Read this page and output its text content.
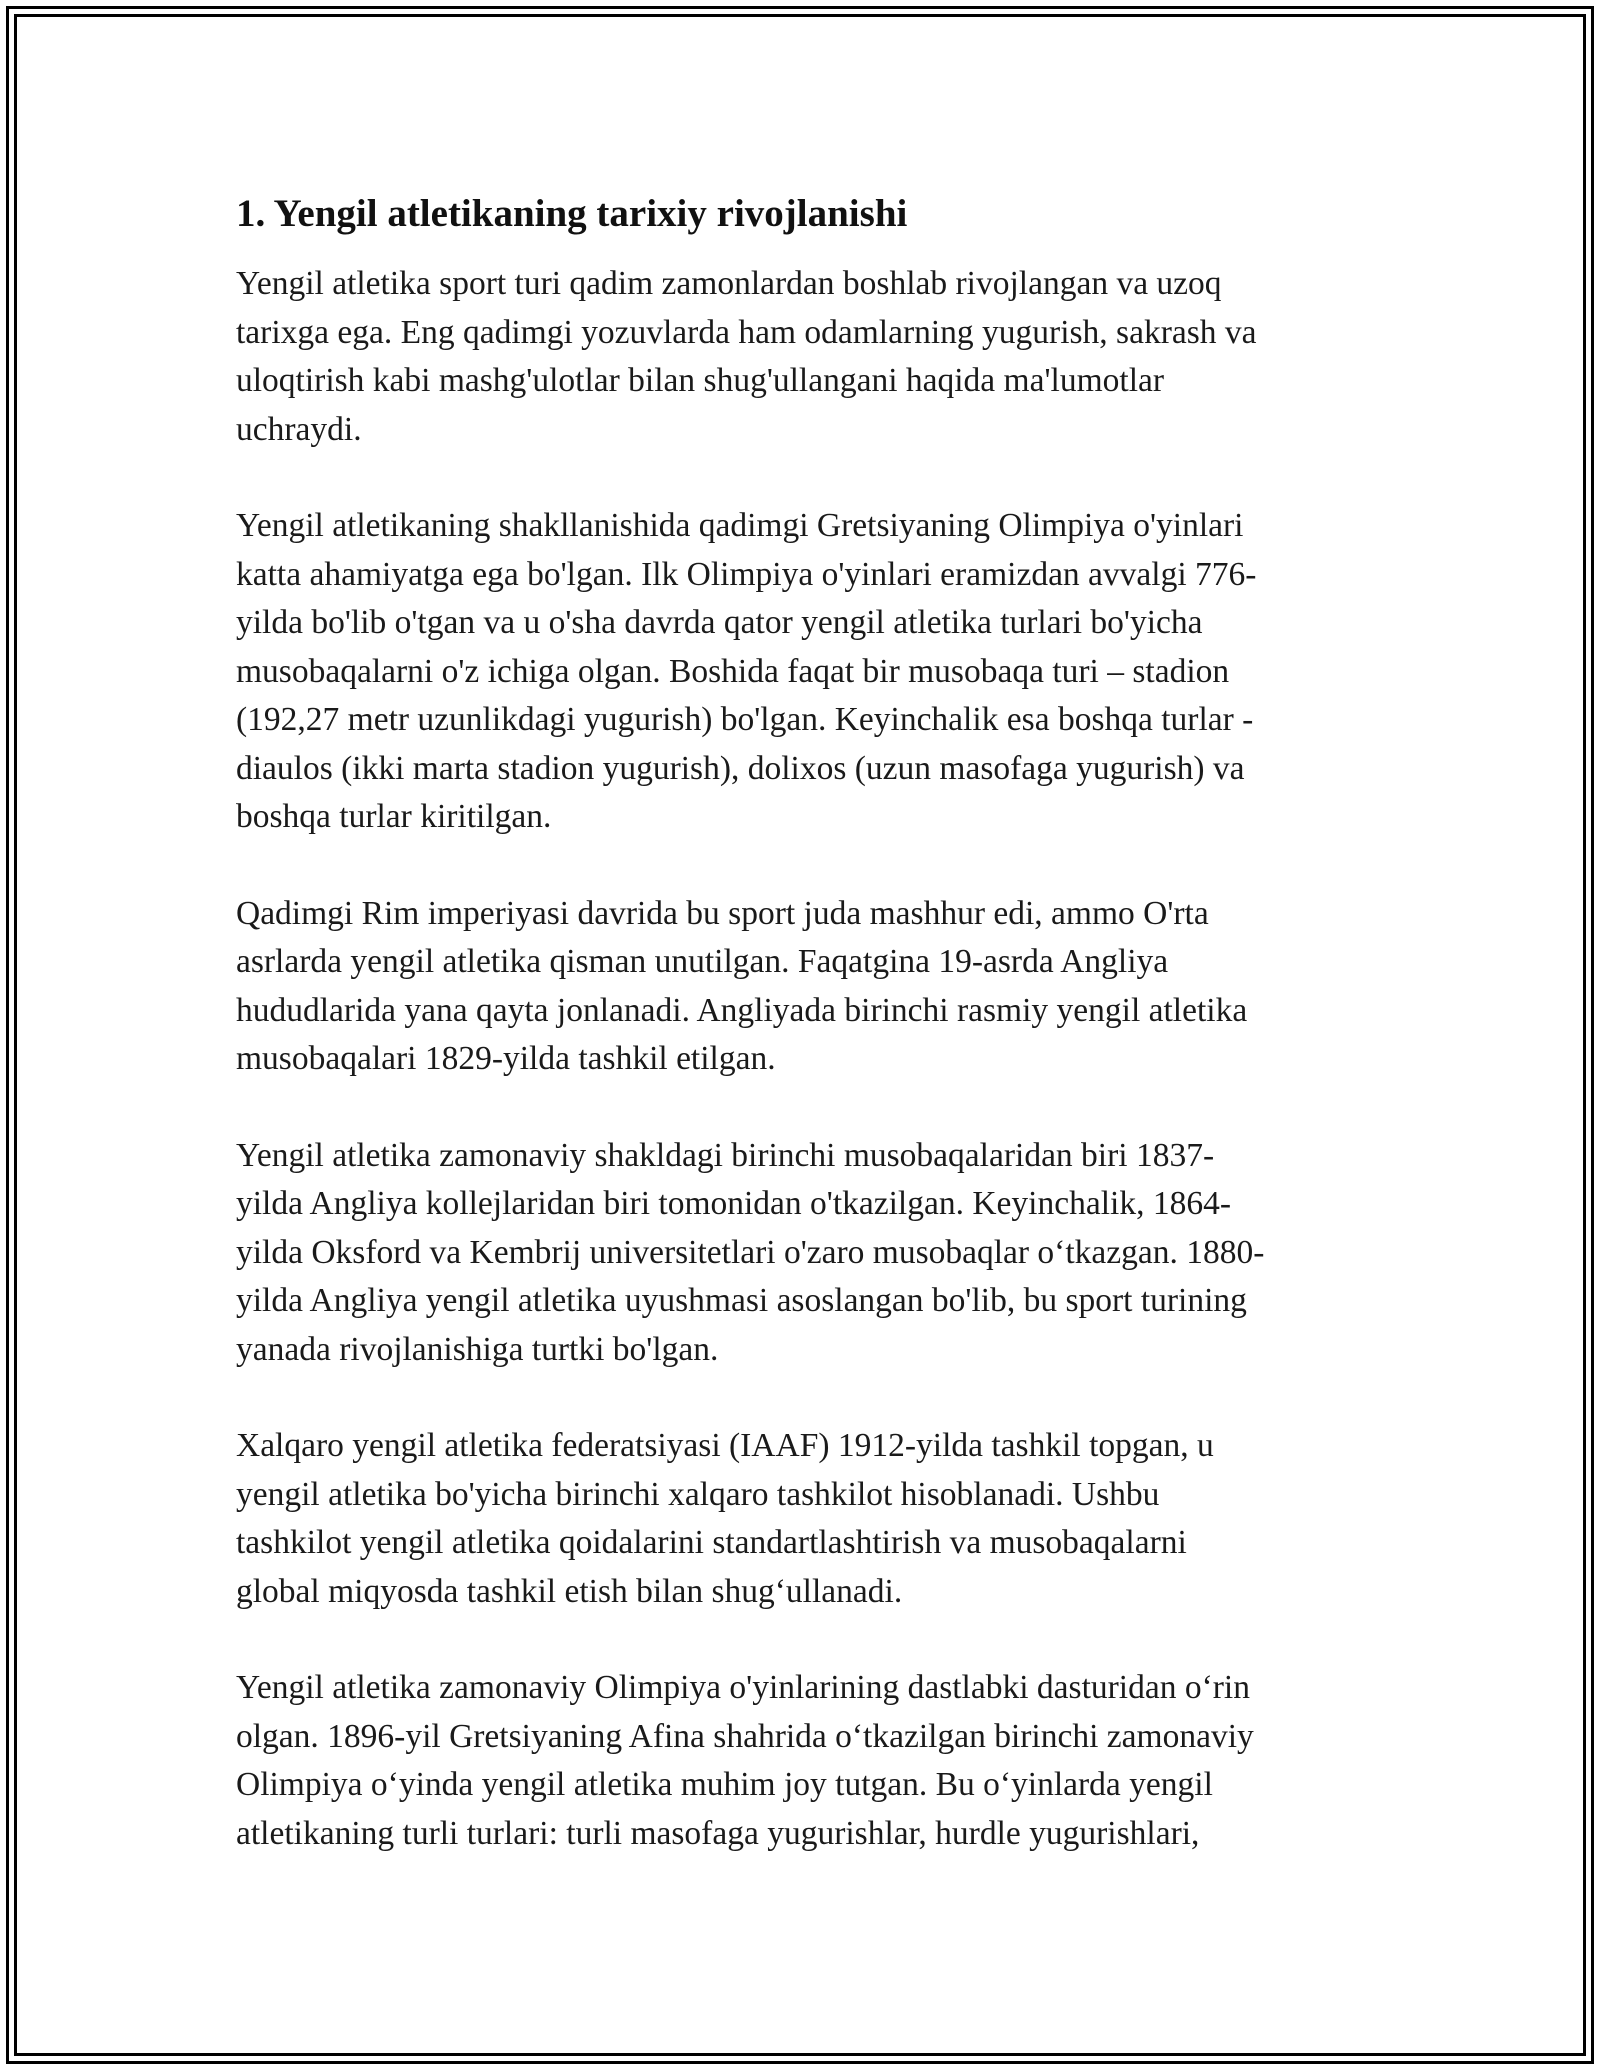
1. Yengil atletikaning tarixiy rivojlanishi

Yengil atletika sport turi qadim zamonlardan boshlab rivojlangan va uzoq
tarixga ega. Eng qadimgi yozuvlarda ham odamlarning yugurish, sakrash va
uloqtirish kabi mashg'ulotlar bilan shug'ullangani haqida ma'lumotlar
uchraydi.

Yengil atletikaning shakllanishida qadimgi Gretsiyaning Olimpiya o'yinlari
katta ahamiyatga ega bo'lgan. Ilk Olimpiya o'yinlari eramizdan avvalgi 776-
yilda bo'lib o'tgan va u o'sha davrda qator yengil atletika turlari bo'yicha
musobaqalarni o'z ichiga olgan. Boshida faqat bir musobaqa turi – stadion
(192,27 metr uzunlikdagi yugurish) bo'lgan. Keyinchalik esa boshqa turlar -
diaulos (ikki marta stadion yugurish), dolixos (uzun masofaga yugurish) va
boshqa turlar kiritilgan.

Qadimgi Rim imperiyasi davrida bu sport juda mashhur edi, ammo O'rta
asrlarda yengil atletika qisman unutilgan. Faqatgina 19-asrda Angliya
hududlarida yana qayta jonlanadi. Angliyada birinchi rasmiy yengil atletika
musobaqalari 1829-yilda tashkil etilgan.

Yengil atletika zamonaviy shakldagi birinchi musobaqalaridan biri 1837-
yilda Angliya kollejlaridan biri tomonidan o'tkazilgan. Keyinchalik, 1864-
yilda Oksford va Kembrij universitetlari o'zaro musobaqlar o‘tkazgan. 1880-
yilda Angliya yengil atletika uyushmasi asoslangan bo'lib, bu sport turining
yanada rivojlanishiga turtki bo'lgan.

Xalqaro yengil atletika federatsiyasi (IAAF) 1912-yilda tashkil topgan, u
yengil atletika bo'yicha birinchi xalqaro tashkilot hisoblanadi. Ushbu
tashkilot yengil atletika qoidalarini standartlashtirish va musobaqalarni
global miqyosda tashkil etish bilan shug‘ullanadi.

Yengil atletika zamonaviy Olimpiya o'yinlarining dastlabki dasturidan o‘rin
olgan. 1896-yil Gretsiyaning Afina shahrida o‘tkazilgan birinchi zamonaviy
Olimpiya o‘yinda yengil atletika muhim joy tutgan. Bu o‘yinlarda yengil
atletikaning turli turlari: turli masofaga yugurishlar, hurdle yugurishlari,
